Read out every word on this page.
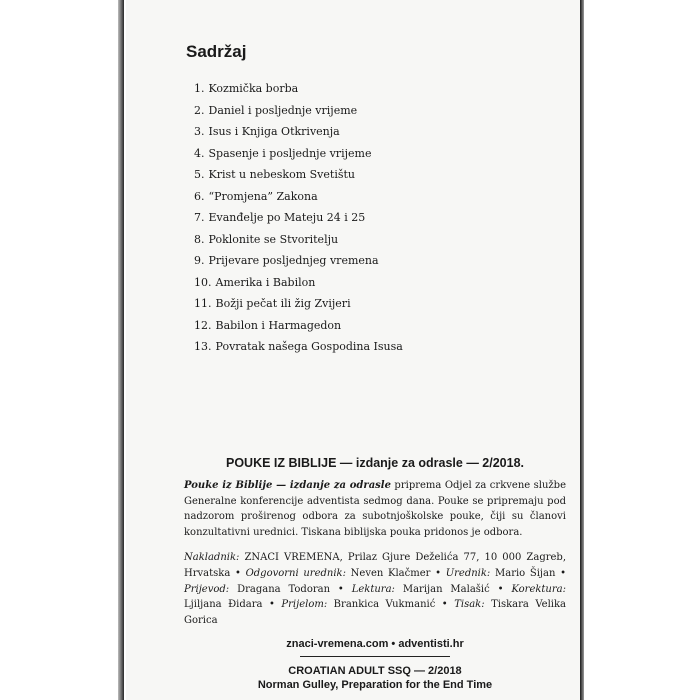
Sadržaj
1. Kozmička borba
2. Daniel i posljednje vrijeme
3. Isus i Knjiga Otkrivenja
4. Spasenje i posljednje vrijeme
5. Krist u nebeskom Svetištu
6. “Promjena” Zakona
7. Evanđelje po Mateju 24 i 25
8. Poklonite se Stvoritelju
9. Prijevare posljednjeg vremena
10. Amerika i Babilon
11. Božji pečat ili žig Zvijeri
12. Babilon i Harmagedon
13. Povratak našega Gospodina Isusa
POUKE IZ BIBLIJE — izdanje za odrasle — 2/2018.

Pouke iz Biblije — izdanje za odrasle priprema Odjel za crkvene službe Generalne konferencije adventista sedmog dana. Pouke se pripremaju pod nadzorom proširenog odbora za subotnjoškolske pouke, čiji su članovi konzultativni urednici. Tiskana biblijska pouka pridonos je odbora.

Nakladnik: ZNACI VREMENA, Prilaz Gjure Deželića 77, 10 000 Zagreb, Hrvatska • Odgovorni urednik: Neven Klačmer • Urednik: Mario Šijan • Prijevod: Dragana Todoran • Lektura: Marijan Malašić • Korektura: Ljiljana Đidara • Prijelom: Brankica Vukmanić • Tisak: Tiskara Velika Gorica

znaci-vremena.com • adventisti.hr
CROATIAN ADULT SSQ — 2/2018
Norman Gulley, Preparation for the End Time
